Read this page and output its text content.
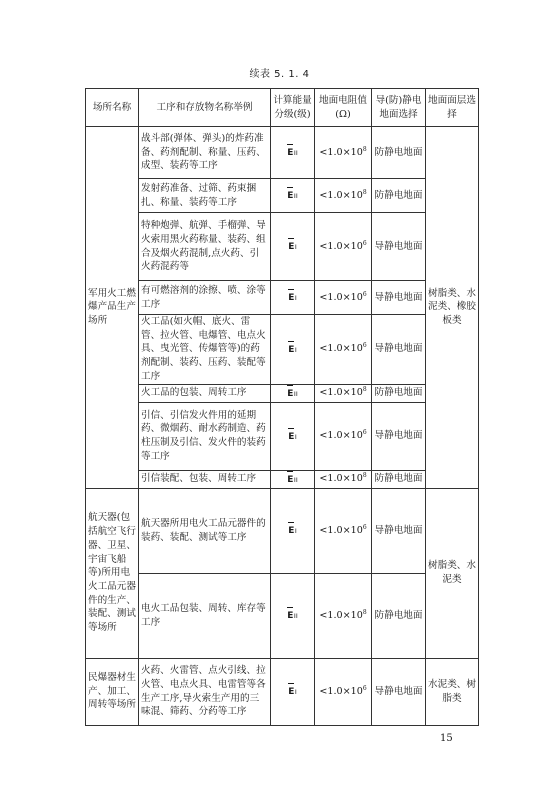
续表 5. 1. 4
场所名称	工序和存放物名称举例	计算能量分级(级)	地面电阻值(Ω)	导(防)静电地面选择	地面面层选择
军用火工燃爆产品生产场所	战斗部(弹体、弹头)的炸药准备、药剂配制、称量、压药、成型、装药等工序	E II	$<1.0\times 10^8$	防静电地面	树脂类、水泥类、橡胶板类
	发射药准备、过筛、药束捆扎、称量、装药等工序	E II	$<1.0\times 10^8$	防静电地面	
	特种炮弹、航弹、手榴弹、导火索用黑火药称量、装药、组合及烟火药混制,点火药、引火药混药等	E I	$<1.0\times 10^6$	导静电地面	
	有可燃溶剂的涂擦、喷、涂等工序	E I	$<1.0\times 10^6$	导静电地面	
	火工品(如火帽、底火、雷管、拉火管、电爆管、电点火具、曳光管、传爆管等)的药剂配制、装药、压药、装配等工序	E I	$<1.0\times 10^6$	导静电地面	
	火工品的包装、周转工序	E II	$<1.0\times 10^8$	防静电地面	
	引信、引信发火件用的延期药、微烟药、耐水药制造、药柱压制及引信、发火件的装药等工序	E I	$<1.0\times 10^6$	导静电地面	
	引信装配、包装、周转工序	E II	$<1.0\times 10^8$	防静电地面	
航天器(包括航空飞行器、卫星、宇宙飞船等)所用电火工品元器件的生产、装配、测试等场所	航天器所用电火工品元器件的装药、装配、测试等工序	E I	$<1.0\times 10^6$	导静电地面	树脂类、水泥类
	电火工品包装、周转、库存等工序	E II	$<1.0\times 10^8$	防静电地面	
民爆器材生产、加工、周转等场所	火药、火雷管、点火引线、拉火管、电点火具、电雷管等各生产工序,导火索生产用的三味混、筛药、分药等工序	E I	$<1.0\times 10^6$	导静电地面	水泥类、树脂类
15
